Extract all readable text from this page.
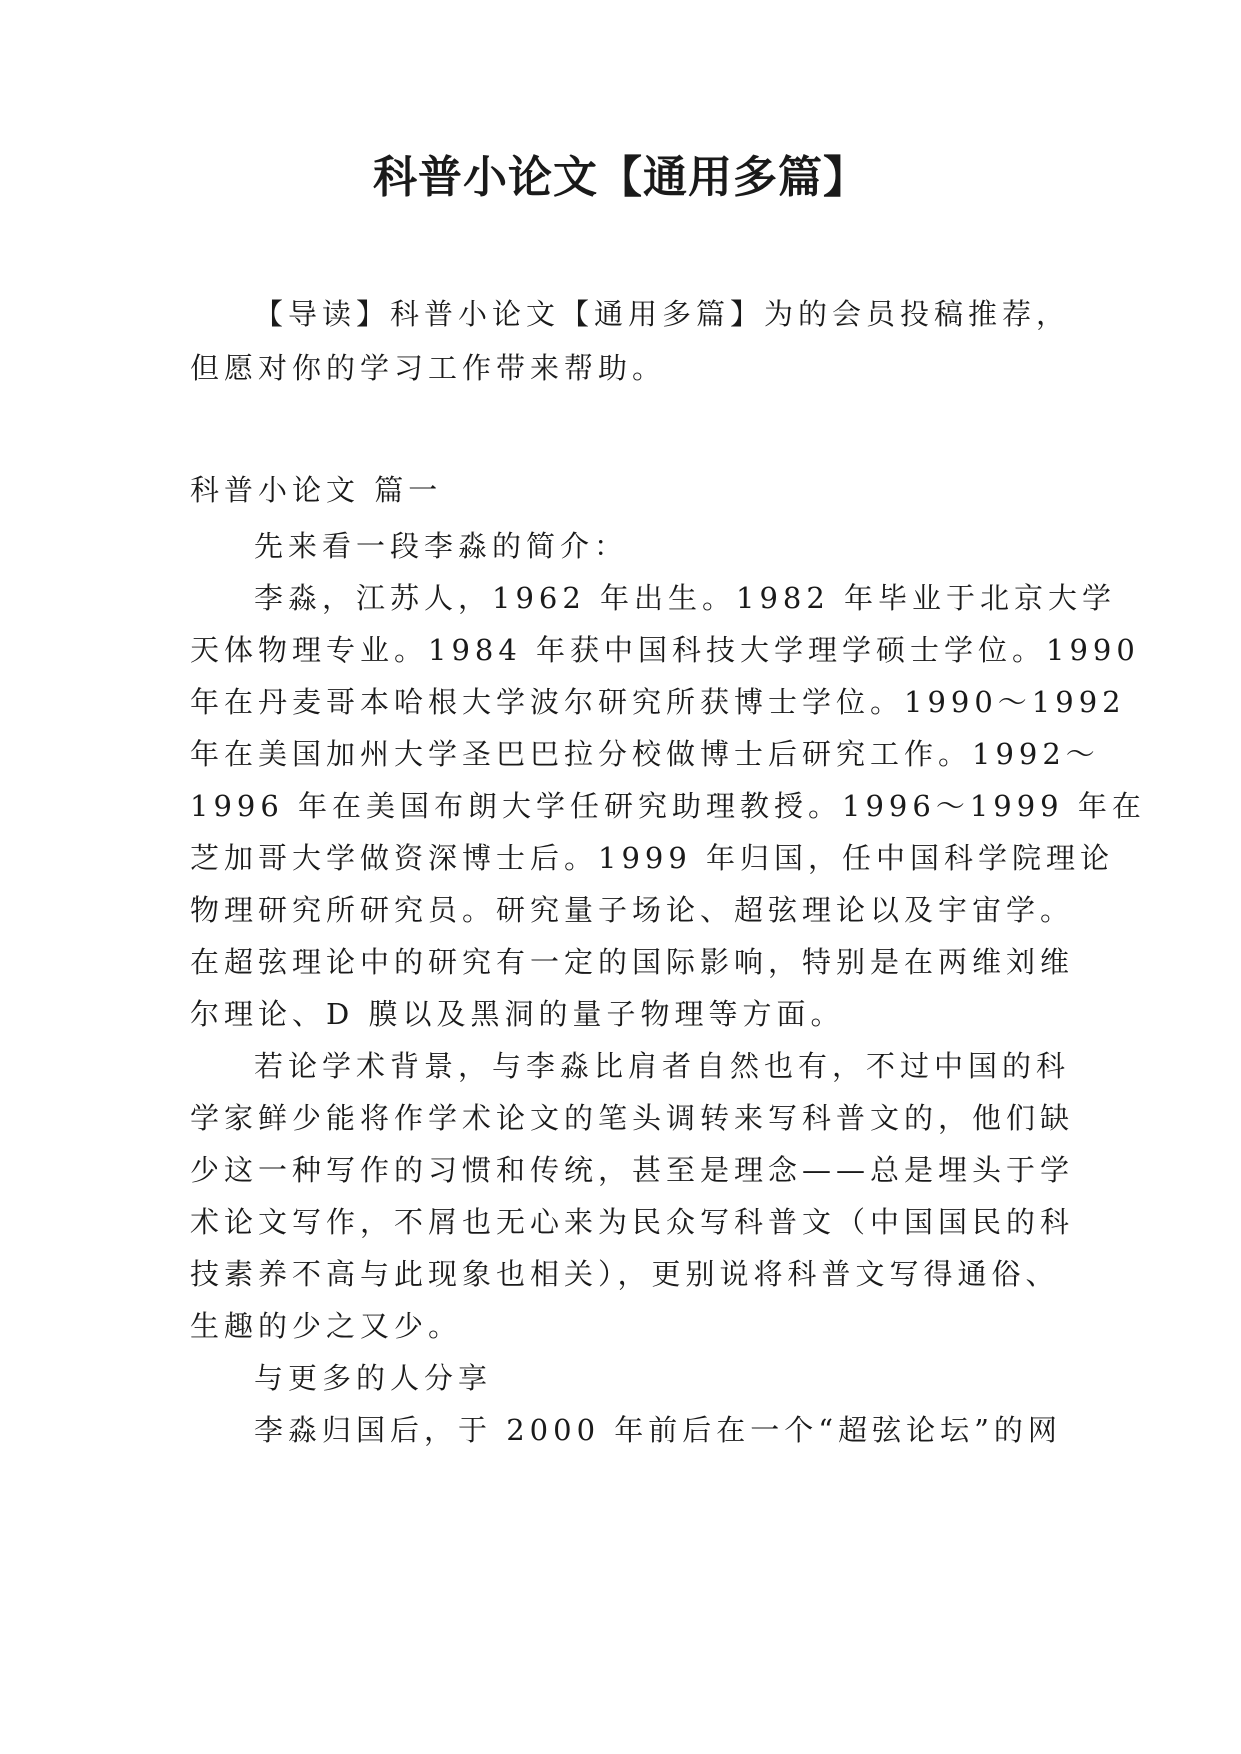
科普小论文【通用多篇】
【导读】科普小论文【通用多篇】为的会员投稿推荐，
但愿对你的学习工作带来帮助。
科普小论文 篇一
先来看一段李淼的简介：
李淼，江苏人，1962 年出生。1982 年毕业于北京大学
天体物理专业。1984 年获中国科技大学理学硕士学位。1990
年在丹麦哥本哈根大学波尔研究所获博士学位。1990～1992
年在美国加州大学圣巴巴拉分校做博士后研究工作。1992～
1996 年在美国布朗大学任研究助理教授。1996～1999 年在
芝加哥大学做资深博士后。1999 年归国，任中国科学院理论
物理研究所研究员。研究量子场论、超弦理论以及宇宙学。
在超弦理论中的研究有一定的国际影响，特别是在两维刘维
尔理论、D 膜以及黑洞的量子物理等方面。
若论学术背景，与李淼比肩者自然也有，不过中国的科
学家鲜少能将作学术论文的笔头调转来写科普文的，他们缺
少这一种写作的习惯和传统，甚至是理念——总是埋头于学
术论文写作，不屑也无心来为民众写科普文（中国国民的科
技素养不高与此现象也相关），更别说将科普文写得通俗、
生趣的少之又少。
与更多的人分享
李淼归国后，于 2000 年前后在一个“超弦论坛”的网
